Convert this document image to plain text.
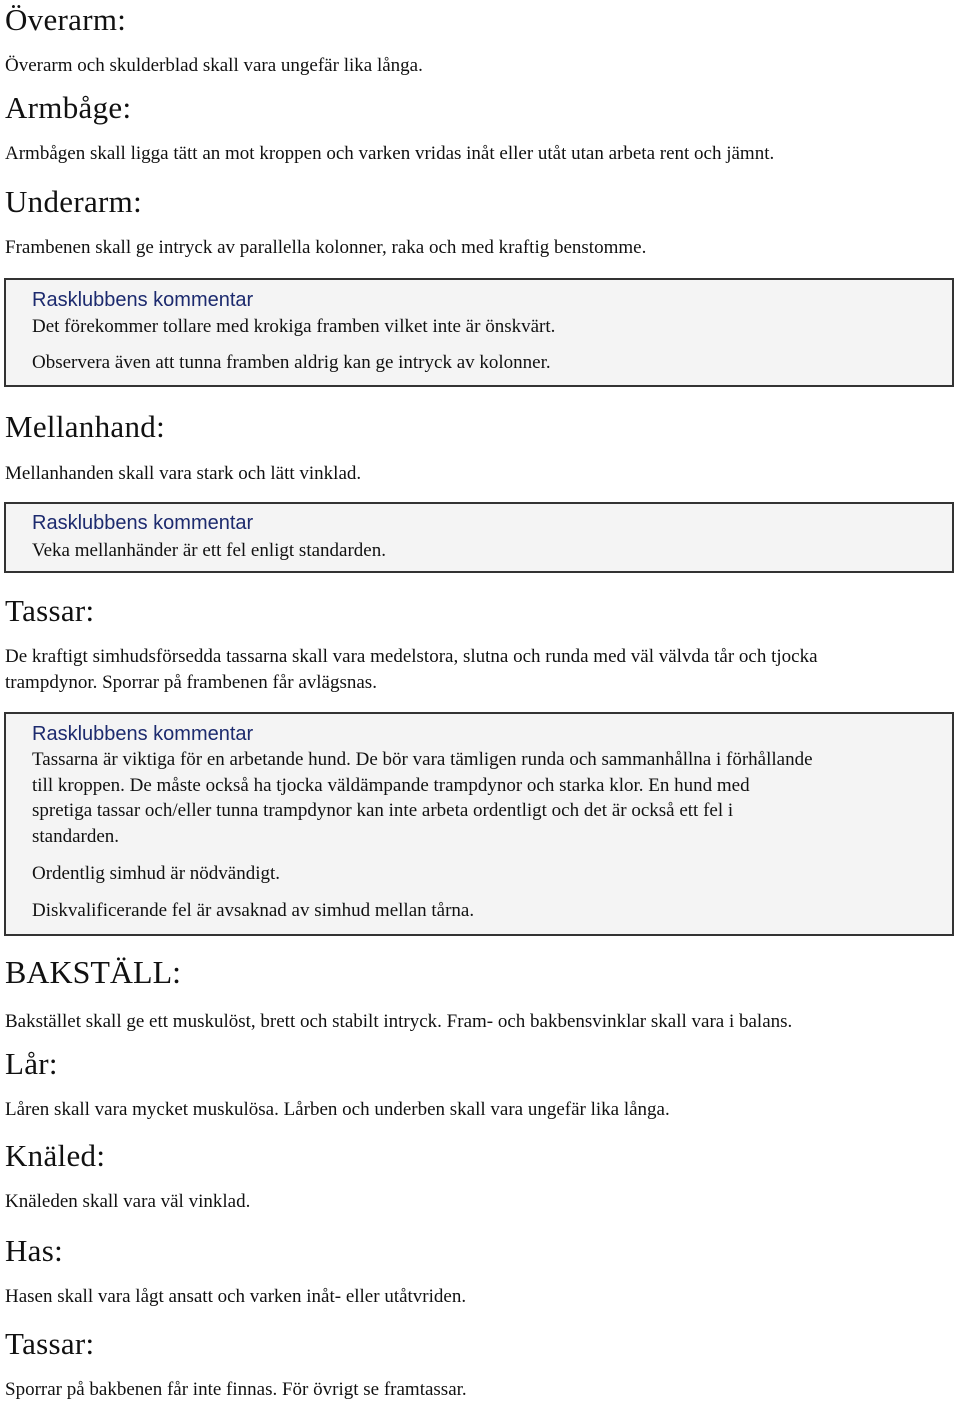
Överarm:

Överarm och skulderblad skall vara ungefär lika långa.

Armbåge:

Armbågen skall ligga tätt an mot kroppen och varken vridas inåt eller utåt utan arbeta rent och jämnt.

Underarm:

Frambenen skall ge intryck av parallella kolonner, raka och med kraftig benstomme.

Rasklubbens kommentar
Det förekommer tollare med krokiga framben vilket inte är önskvärt.
Observera även att tunna framben aldrig kan ge intryck av kolonner.
Mellanhand:

Mellanhanden skall vara stark och lätt vinklad.

Rasklubbens kommentar
Veka mellanhänder är ett fel enligt standarden.
Tassar:

De kraftigt simhudsförsedda tassarna skall vara medelstora, slutna och runda med väl välvda tår och tjocka

trampdynor. Sporrar på frambenen får avlägsnas.

Rasklubbens kommentar
Tassarna är viktiga för en arbetande hund. De bör vara tämligen runda och sammanhållna i förhållande
till kroppen. De måste också ha tjocka väldämpande trampdynor och starka klor. En hund med
spretiga tassar och/eller tunna trampdynor kan inte arbeta ordentligt och det är också ett fel i
standarden.
Ordentlig simhud är nödvändigt.
Diskvalificerande fel är avsaknad av simhud mellan tårna.
BAKSTÄLL:

Bakstället skall ge ett muskulöst, brett och stabilt intryck. Fram- och bakbensvinklar skall vara i balans.

Lår:

Låren skall vara mycket muskulösa. Lårben och underben skall vara ungefär lika långa.

Knäled:

Knäleden skall vara väl vinklad.

Has:

Hasen skall vara lågt ansatt och varken inåt- eller utåtvriden.

Tassar:

Sporrar på bakbenen får inte finnas. För övrigt se framtassar.
